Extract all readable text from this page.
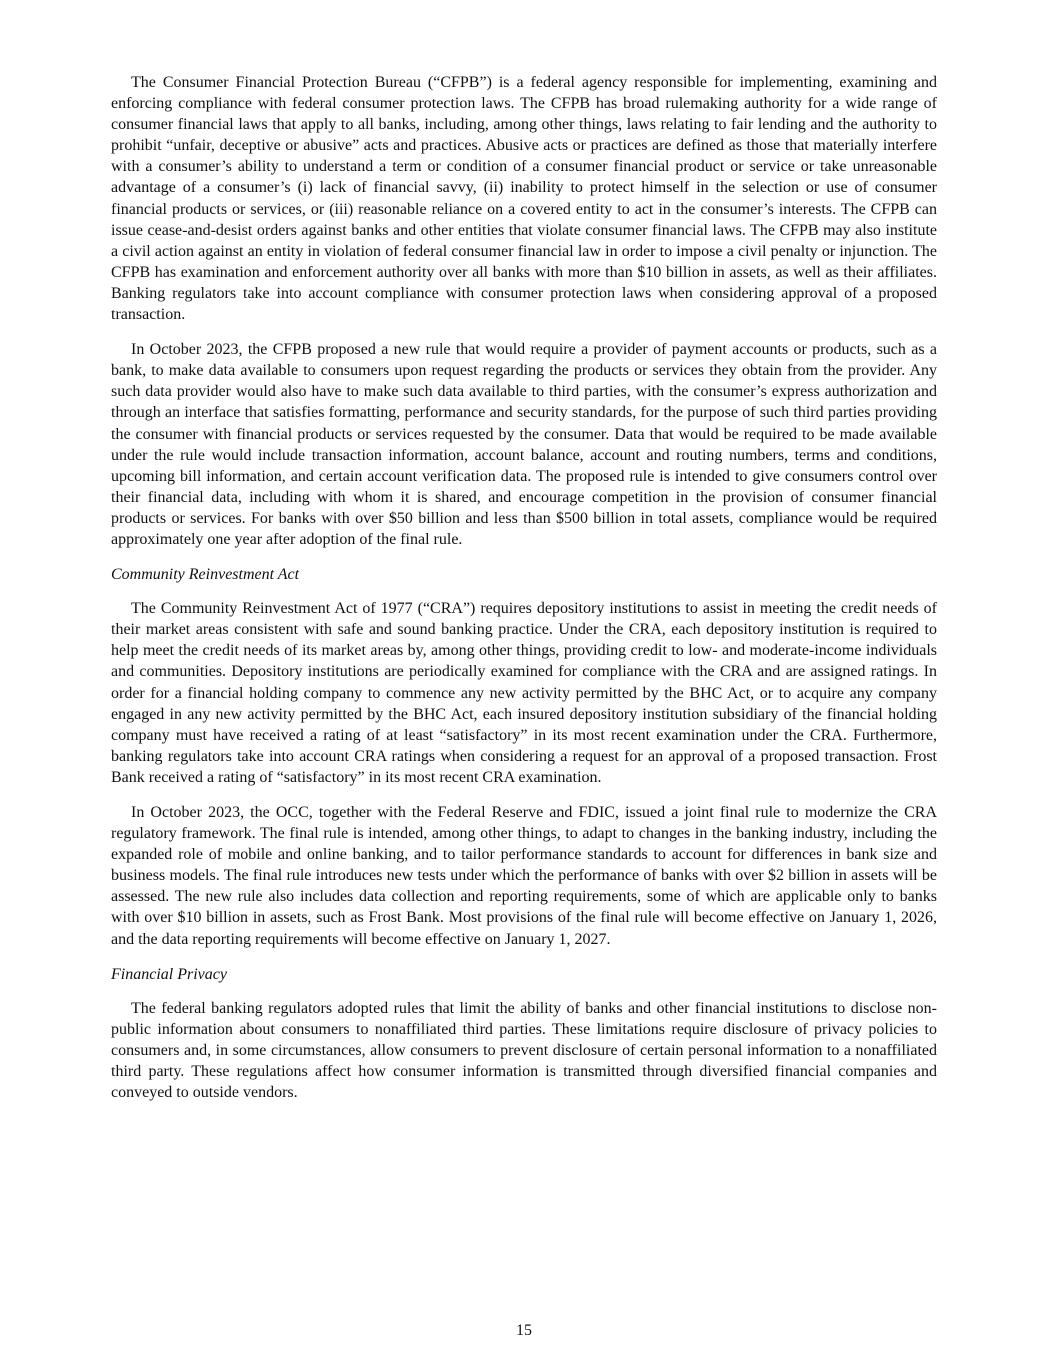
The Consumer Financial Protection Bureau (“CFPB”) is a federal agency responsible for implementing, examining and enforcing compliance with federal consumer protection laws. The CFPB has broad rulemaking authority for a wide range of consumer financial laws that apply to all banks, including, among other things, laws relating to fair lending and the authority to prohibit “unfair, deceptive or abusive” acts and practices. Abusive acts or practices are defined as those that materially interfere with a consumer’s ability to understand a term or condition of a consumer financial product or service or take unreasonable advantage of a consumer’s (i) lack of financial savvy, (ii) inability to protect himself in the selection or use of consumer financial products or services, or (iii) reasonable reliance on a covered entity to act in the consumer’s interests. The CFPB can issue cease-and-desist orders against banks and other entities that violate consumer financial laws. The CFPB may also institute a civil action against an entity in violation of federal consumer financial law in order to impose a civil penalty or injunction. The CFPB has examination and enforcement authority over all banks with more than $10 billion in assets, as well as their affiliates. Banking regulators take into account compliance with consumer protection laws when considering approval of a proposed transaction.

In October 2023, the CFPB proposed a new rule that would require a provider of payment accounts or products, such as a bank, to make data available to consumers upon request regarding the products or services they obtain from the provider. Any such data provider would also have to make such data available to third parties, with the consumer’s express authorization and through an interface that satisfies formatting, performance and security standards, for the purpose of such third parties providing the consumer with financial products or services requested by the consumer. Data that would be required to be made available under the rule would include transaction information, account balance, account and routing numbers, terms and conditions, upcoming bill information, and certain account verification data. The proposed rule is intended to give consumers control over their financial data, including with whom it is shared, and encourage competition in the provision of consumer financial products or services. For banks with over $50 billion and less than $500 billion in total assets, compliance would be required approximately one year after adoption of the final rule.

Community Reinvestment Act

The Community Reinvestment Act of 1977 (“CRA”) requires depository institutions to assist in meeting the credit needs of their market areas consistent with safe and sound banking practice. Under the CRA, each depository institution is required to help meet the credit needs of its market areas by, among other things, providing credit to low- and moderate-income individuals and communities. Depository institutions are periodically examined for compliance with the CRA and are assigned ratings. In order for a financial holding company to commence any new activity permitted by the BHC Act, or to acquire any company engaged in any new activity permitted by the BHC Act, each insured depository institution subsidiary of the financial holding company must have received a rating of at least “satisfactory” in its most recent examination under the CRA. Furthermore, banking regulators take into account CRA ratings when considering a request for an approval of a proposed transaction. Frost Bank received a rating of “satisfactory” in its most recent CRA examination.

In October 2023, the OCC, together with the Federal Reserve and FDIC, issued a joint final rule to modernize the CRA regulatory framework. The final rule is intended, among other things, to adapt to changes in the banking industry, including the expanded role of mobile and online banking, and to tailor performance standards to account for differences in bank size and business models. The final rule introduces new tests under which the performance of banks with over $2 billion in assets will be assessed. The new rule also includes data collection and reporting requirements, some of which are applicable only to banks with over $10 billion in assets, such as Frost Bank. Most provisions of the final rule will become effective on January 1, 2026, and the data reporting requirements will become effective on January 1, 2027.

Financial Privacy

The federal banking regulators adopted rules that limit the ability of banks and other financial institutions to disclose non-public information about consumers to nonaffiliated third parties. These limitations require disclosure of privacy policies to consumers and, in some circumstances, allow consumers to prevent disclosure of certain personal information to a nonaffiliated third party. These regulations affect how consumer information is transmitted through diversified financial companies and conveyed to outside vendors.

15
